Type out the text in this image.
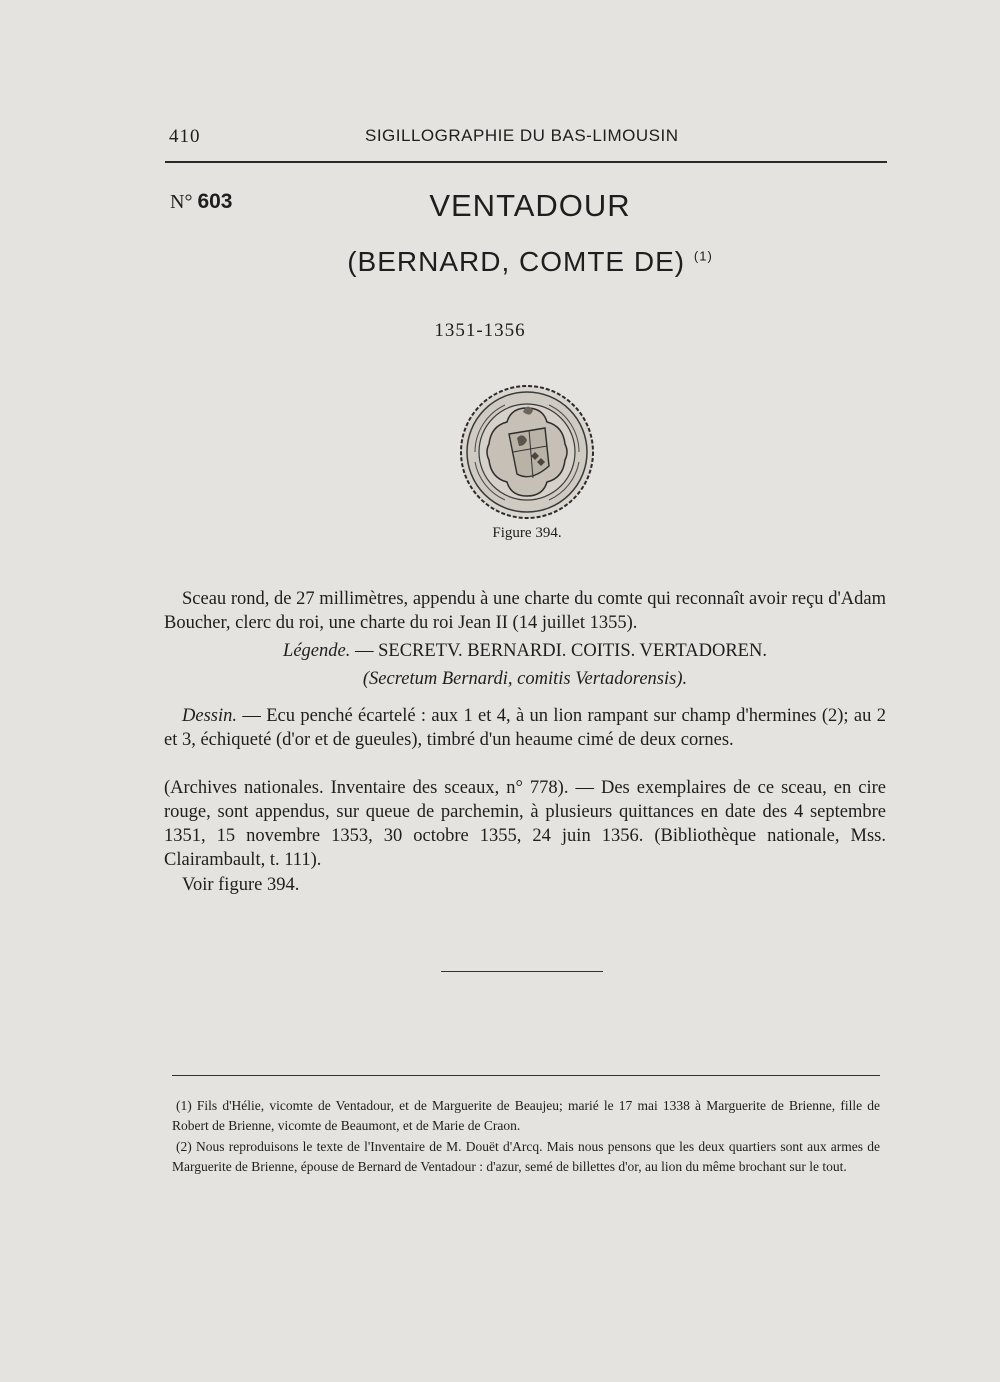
410	SIGILLOGRAPHIE DU BAS-LIMOUSIN
N° 603	VENTADOUR
(BERNARD, COMTE DE) $^{(1)}$
1351-1356
Figure 394.

Sceau rond, de 27 millimètres, appendu à une charte du comte qui reconnaît avoir reçu d'Adam Boucher, clerc du roi, une charte du roi Jean II (14 juillet 1355).

Légende. — SECRETV. BERNARDI. COITIS. VERTADOREN.

(Secretum Bernardi, comitis Vertadorensis).

Dessin. — Ecu penché écartelé : aux 1 et 4, à un lion rampant sur champ d'hermines (2); au 2 et 3, échiqueté (d'or et de gueules), timbré d'un heaume cimé de deux cornes.

(Archives nationales. Inventaire des sceaux, n° 778). — Des exemplaires de ce sceau, en cire rouge, sont appendus, sur queue de parchemin, à plusieurs quittances en date des 4 septembre 1351, 15 novembre 1353, 30 octobre 1355, 24 juin 1356. (Bibliothèque nationale, Mss. Clairambault, t. 111).

Voir figure 394.

(1) Fils d'Hélie, vicomte de Ventadour, et de Marguerite de Beaujeu; marié le 17 mai 1338 à Marguerite de Brienne, fille de Robert de Brienne, vicomte de Beaumont, et de Marie de Craon.

(2) Nous reproduisons le texte de l'Inventaire de M. Douët d'Arcq. Mais nous pensons que les deux quartiers sont aux armes de Marguerite de Brienne, épouse de Bernard de Ventadour : d'azur, semé de billettes d'or, au lion du même brochant sur le tout.
